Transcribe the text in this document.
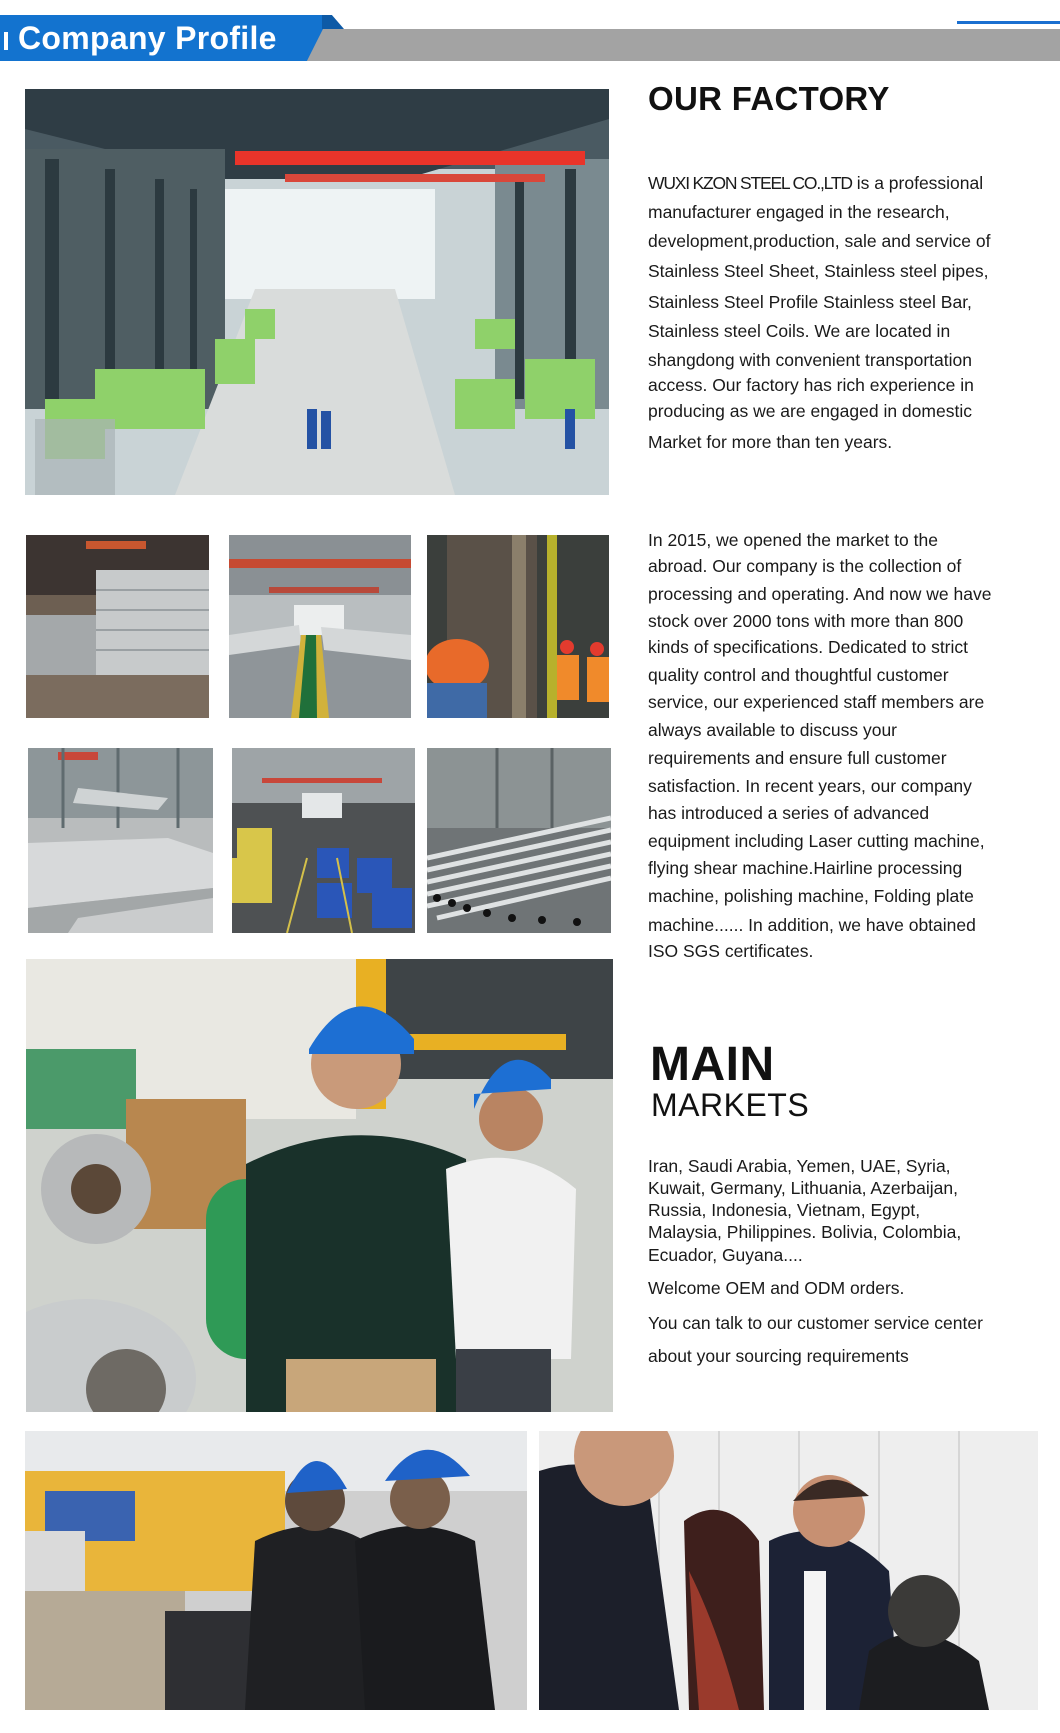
Company Profile
OUR FACTORY
WUXI KZON STEEL CO.,LTD is a professional
manufacturer engaged in the research,
development,production, sale and service of
Stainless Steel Sheet, Stainless steel pipes,
Stainless Steel Profile Stainless steel Bar,
Stainless steel Coils. We are located in
shangdong with convenient transportation
access. Our factory has rich experience in
producing as we are engaged in domestic
Market for more than ten years.
In 2015, we opened the market to the
abroad. Our company is the collection of
processing and operating. And now we have
stock over 2000 tons with more than 800
kinds of specifications. Dedicated to strict
quality control and thoughtful customer
service, our experienced staff members are
always available to discuss your
requirements and ensure full customer
satisfaction. In recent years, our company
has introduced a series of advanced
equipment including Laser cutting machine,
flying shear machine.Hairline processing
machine, polishing machine, Folding plate
machine...... In addition, we have obtained
ISO SGS certificates.
MAIN
MARKETS
Iran, Saudi Arabia, Yemen, UAE, Syria,
Kuwait, Germany, Lithuania, Azerbaijan,
Russia, Indonesia, Vietnam, Egypt,
Malaysia, Philippines. Bolivia, Colombia,
Ecuador, Guyana....
Welcome OEM and ODM orders.
You can talk to our customer service center
about your sourcing requirements
